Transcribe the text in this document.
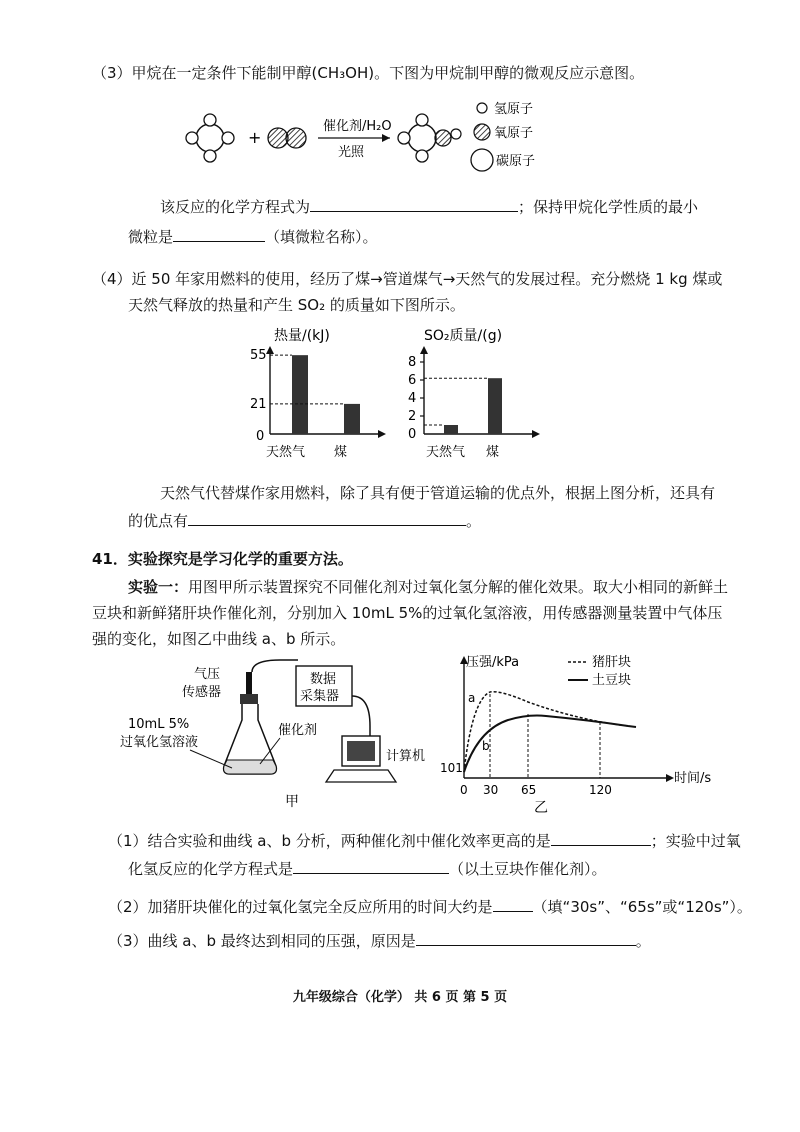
（3）甲烷在一定条件下能制甲醇(CH₃OH)。下图为甲烷制甲醇的微观反应示意图。
+
催化剂/H₂O
光照
氢原子
氧原子
碳原子
该反应的化学方程式为	；保持甲烷化学性质的最小
微粒是	（填微粒名称）。
（4）近 50 年家用燃料的使用，经历了煤→管道煤气→天然气的发展过程。充分燃烧 1 kg 煤或
天然气释放的热量和产生 SO₂ 的质量如下图所示。
热量/(kJ)
55
21
0
天然气 煤
SO₂质量/(g)
2
4
6
8
0
天然气 煤
天然气代替煤作家用燃料，除了具有便于管道运输的优点外，根据上图分析，还具有
的优点有	。
41．实验探究是学习化学的重要方法。
实验一：用图甲所示装置探究不同催化剂对过氧化氢分解的催化效果。取大小相同的新鲜土
豆块和新鲜猪肝块作催化剂，分别加入 10mL 5%的过氧化氢溶液，用传感器测量装置中气体压
强的变化，如图乙中曲线 a、b 所示。
气压
传感器
数据
采集器
10mL 5%
过氧化氢溶液
催化剂
计算机
甲
压强/kPa
时间/s
101
猪肝块
土豆块
a
b
0 30 65	120
乙
（1）结合实验和曲线 a、b 分析，两种催化剂中催化效率更高的是	；实验中过氧
化氢反应的化学方程式是	（以土豆块作催化剂）。
（2）加猪肝块催化的过氧化氢完全反应所用的时间大约是	（填“30s”、“65s”或“120s”）。
（3）曲线 a、b 最终达到相同的压强，原因是	。
九年级综合（化学） 共 6 页 第 5 页
